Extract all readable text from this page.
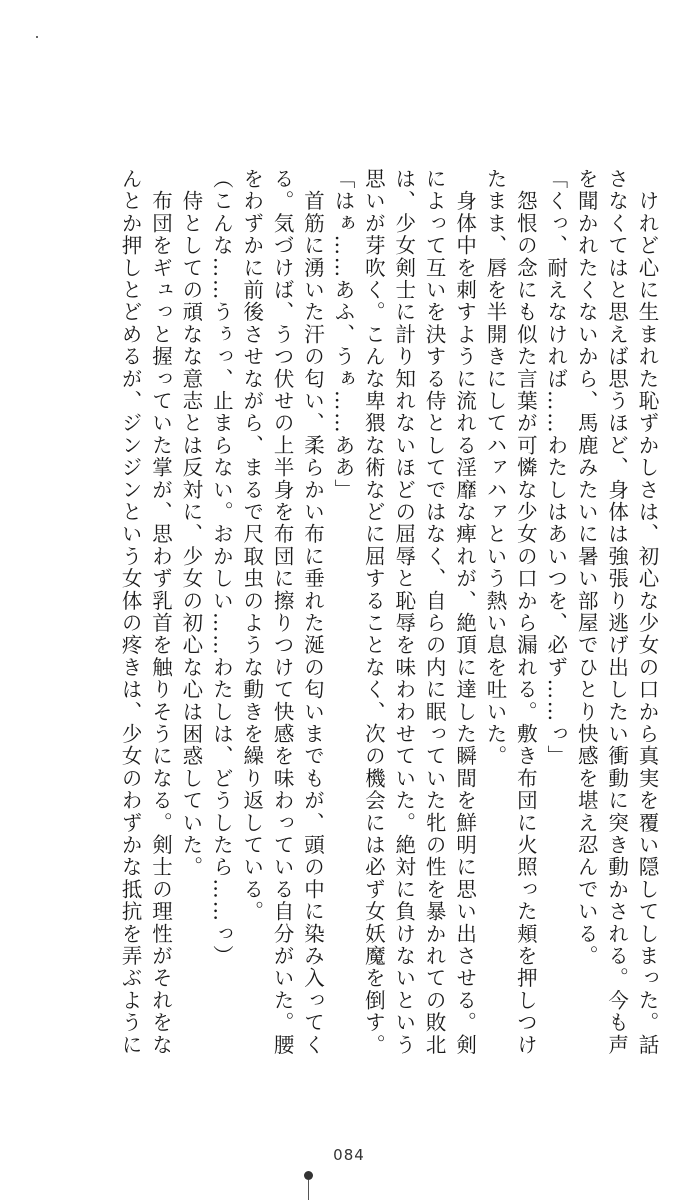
　けれど心に生まれた恥ずかしさは、初心な少女の口から真実を覆い隠してしまった。話
さなくてはと思えば思うほど、身体は強張り逃げ出したい衝動に突き動かされる。今も声
を聞かれたくないから、馬鹿みたいに暑い部屋でひとり快感を堪え忍んでいる。
「くっ、耐えなければ……わたしはあいつを、必ず……っ」
　怨恨の念にも似た言葉が可憐な少女の口から漏れる。敷き布団に火照った頬を押しつけ
たまま、唇を半開きにしてハァハァという熱い息を吐いた。
　身体中を刺すように流れる淫靡な痺れが、絶頂に達した瞬間を鮮明に思い出させる。剣
によって互いを決する侍としてではなく、自らの内に眠っていた牝の性を暴かれての敗北
は、少女剣士に計り知れないほどの屈辱と恥辱を味わわせていた。絶対に負けないという
思いが芽吹く。こんな卑猥な術などに屈することなく、次の機会には必ず女妖魔を倒す。
「はぁ……あふ、うぁ……ああ」
　首筋に湧いた汗の匂い、柔らかい布に垂れた涎の匂いまでもが、頭の中に染み入ってく
る。気づけば、うつ伏せの上半身を布団に擦りつけて快感を味わっている自分がいた。腰
をわずかに前後させながら、まるで尺取虫のような動きを繰り返している。
（こんな……うぅっ、止まらない。おかしい……わたしは、どうしたら……っ）
　侍としての頑なな意志とは反対に、少女の初心な心は困惑していた。
　布団をギュっと握っていた掌が、思わず乳首を触りそうになる。剣士の理性がそれをな
んとか押しとどめるが、ジンジンという女体の疼きは、少女のわずかな抵抗を弄ぶように
084
